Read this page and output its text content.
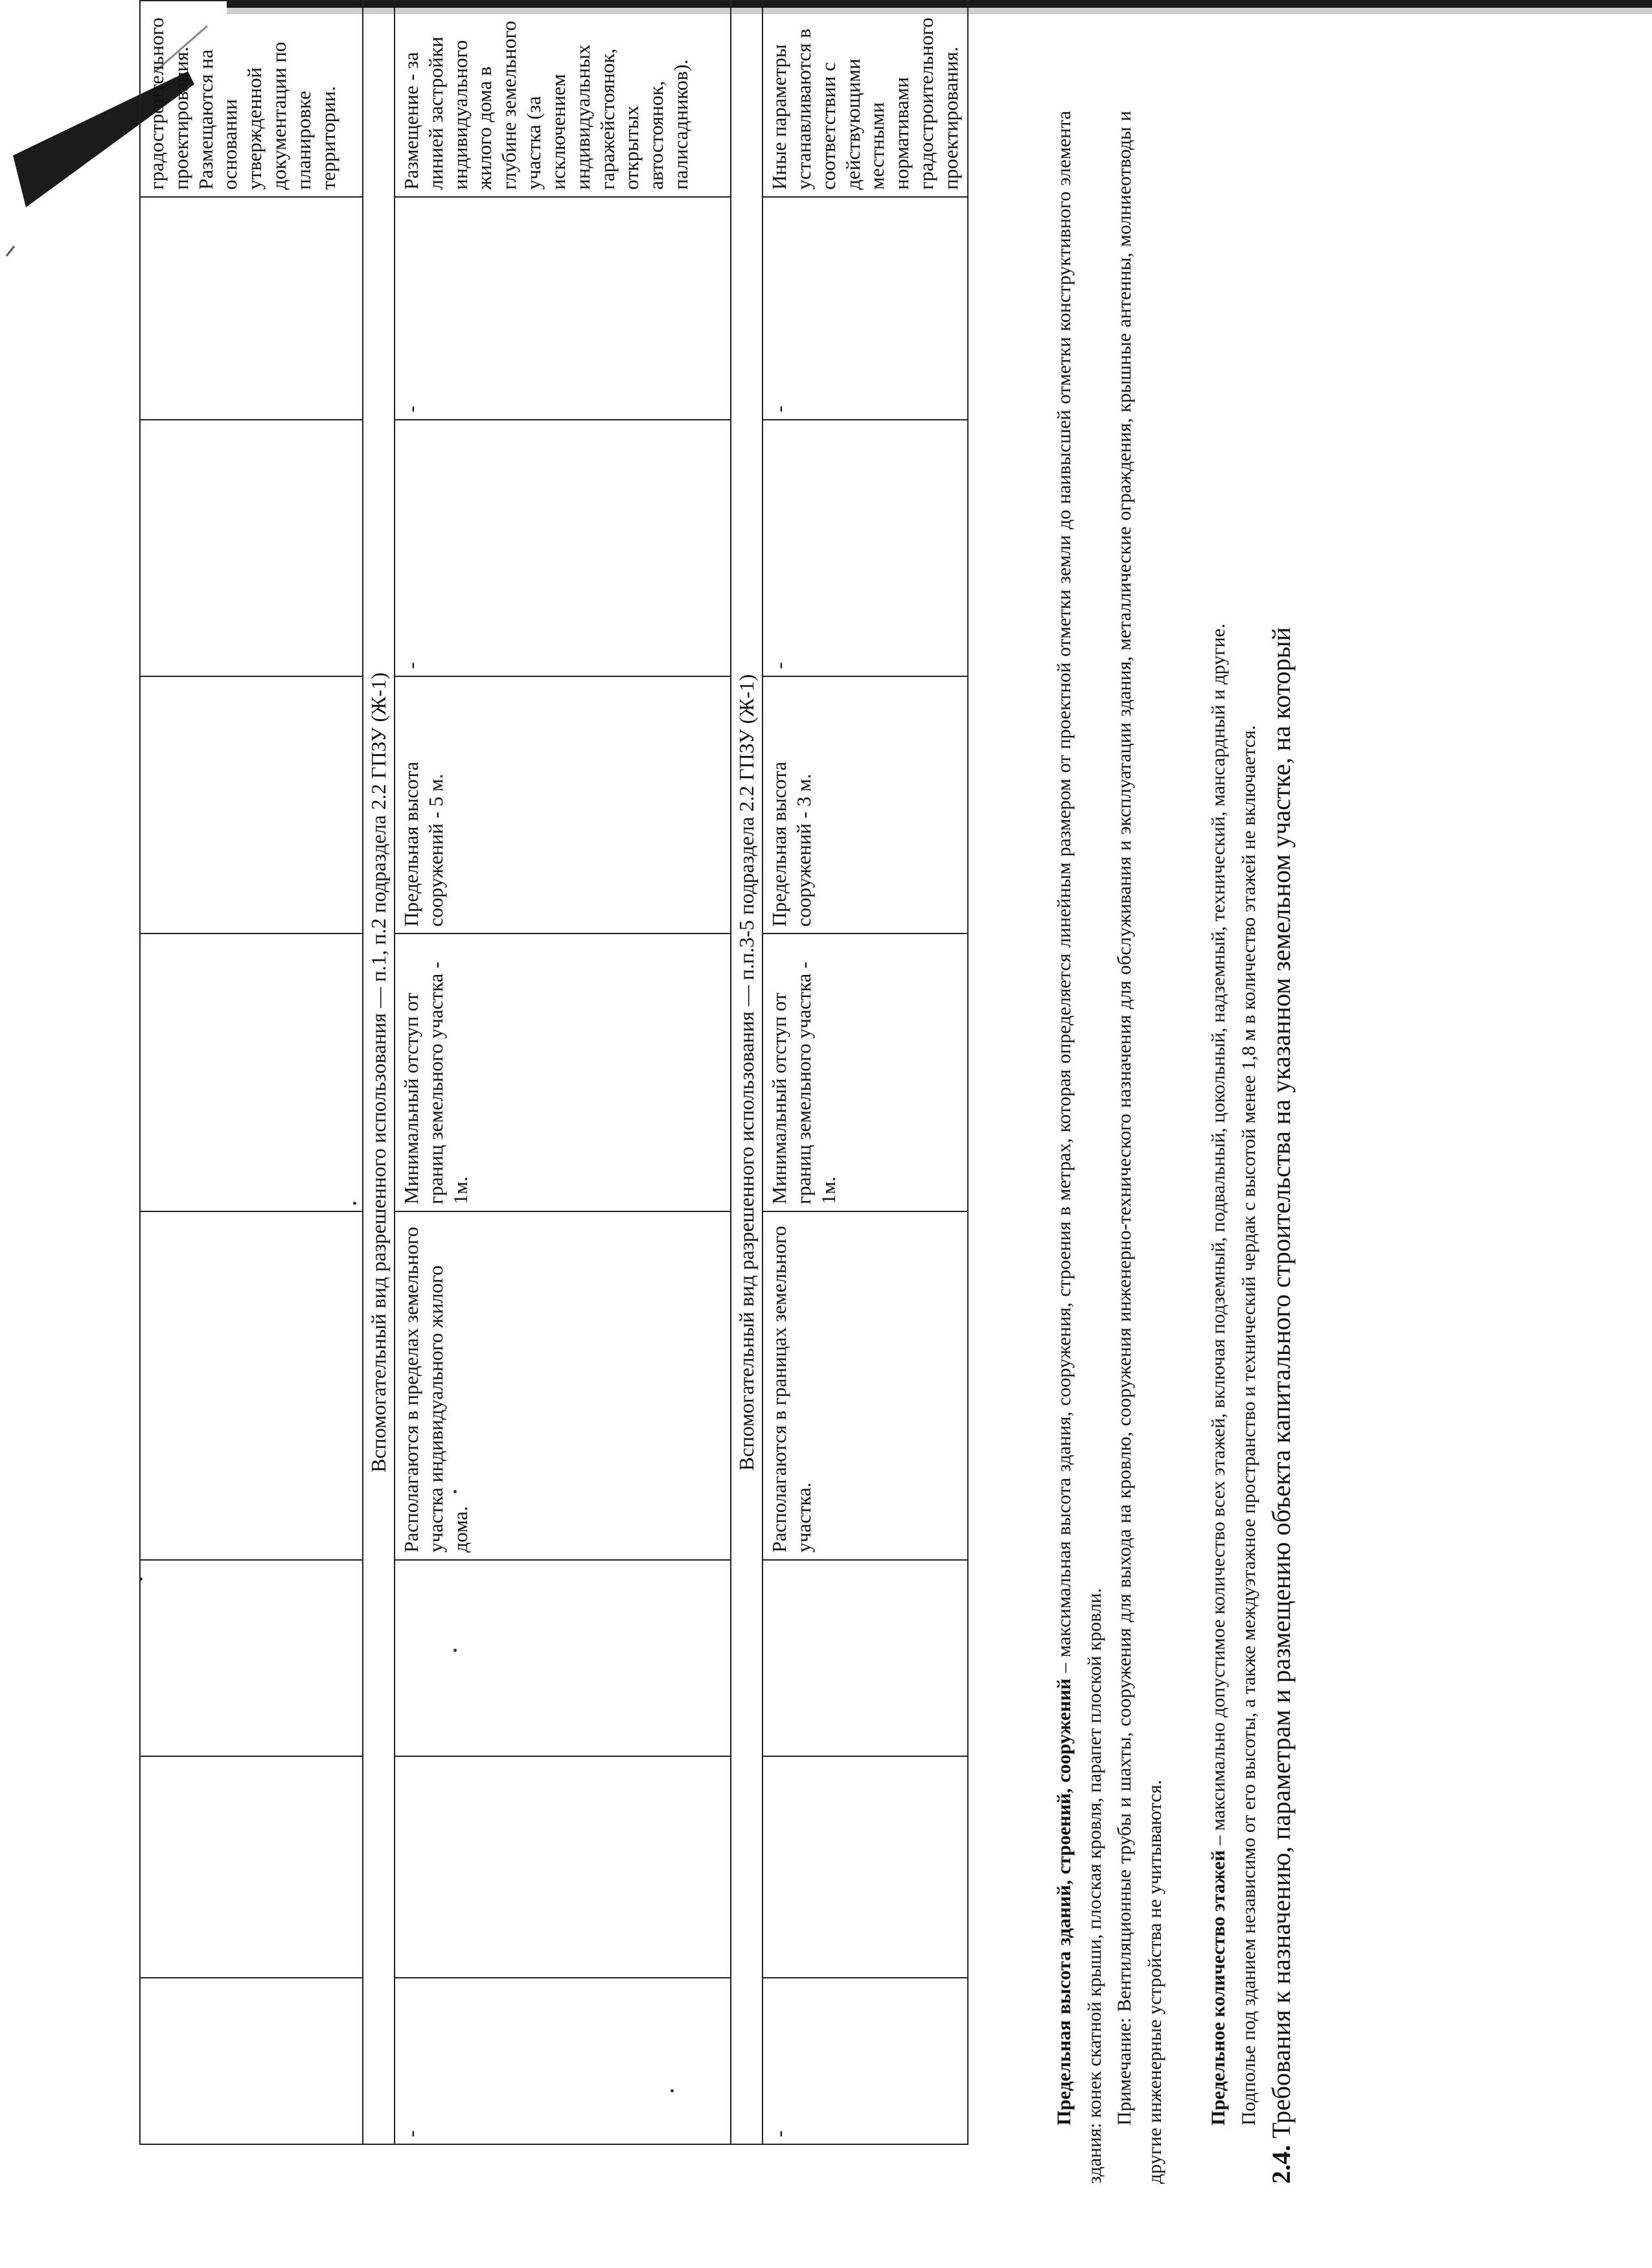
								градостроительного проектирования. Размещаются на основании утвержденной документации по планировке территории.
Вспомогательный вид разрешенного использования — п.1, п.2 подраздела 2.2 ГПЗУ (Ж-1)								
-			Располагаются в пределах земельного участка индивидуального жилого дома.	Минимальный отступ от границ земельного участка - 1м.	Предельная высота сооружений - 5 м.	-	-	Размещение - за линией застройки индивидуального жилого дома в глубине земельного участка (за исключением индивидуальных гаражейстоянок, открытых автостоянок, палисадников).
Вспомогательный вид разрешенного использования — п.п.3-5 подраздела 2.2 ГПЗУ (Ж-1)								
-			Располагаются в границах земельного участка.	Минимальный отступ от границ земельного участка - 1м.	Предельная высота сооружений - 3 м.	-	-	Иные параметры устанавливаются в соответствии с действующими местными нормативами градостроительного проектирования.

Предельная высота зданий, строений, сооружений – максимальная высота здания, сооружения, строения в метрах, которая определяется линейным размером от проектной отметки земли до наивысшей отметки конструктивного элемента здания: конек скатной крыши, плоская кровля, парапет плоской кровли. Примечание: Вентиляционные трубы и шахты, сооружения для выхода на кровлю, сооружения инженерно-технического назначения для обслуживания и эксплуатации здания, металлические ограждения, крышные антенны, молниеотводы и другие инженерные устройства не учитываются. Предельное количество этажей – максимально допустимое количество всех этажей, включая подземный, подвальный, цокольный, надземный, технический, мансардный и другие. Подполье под зданием независимо от его высоты, а также междуэтажное пространство и технический чердак с высотой менее 1,8 м в количество этажей не включается.

2.4. Требования к назначению, параметрам и размещению объекта капитального строительства на указанном земельном участке, на который
